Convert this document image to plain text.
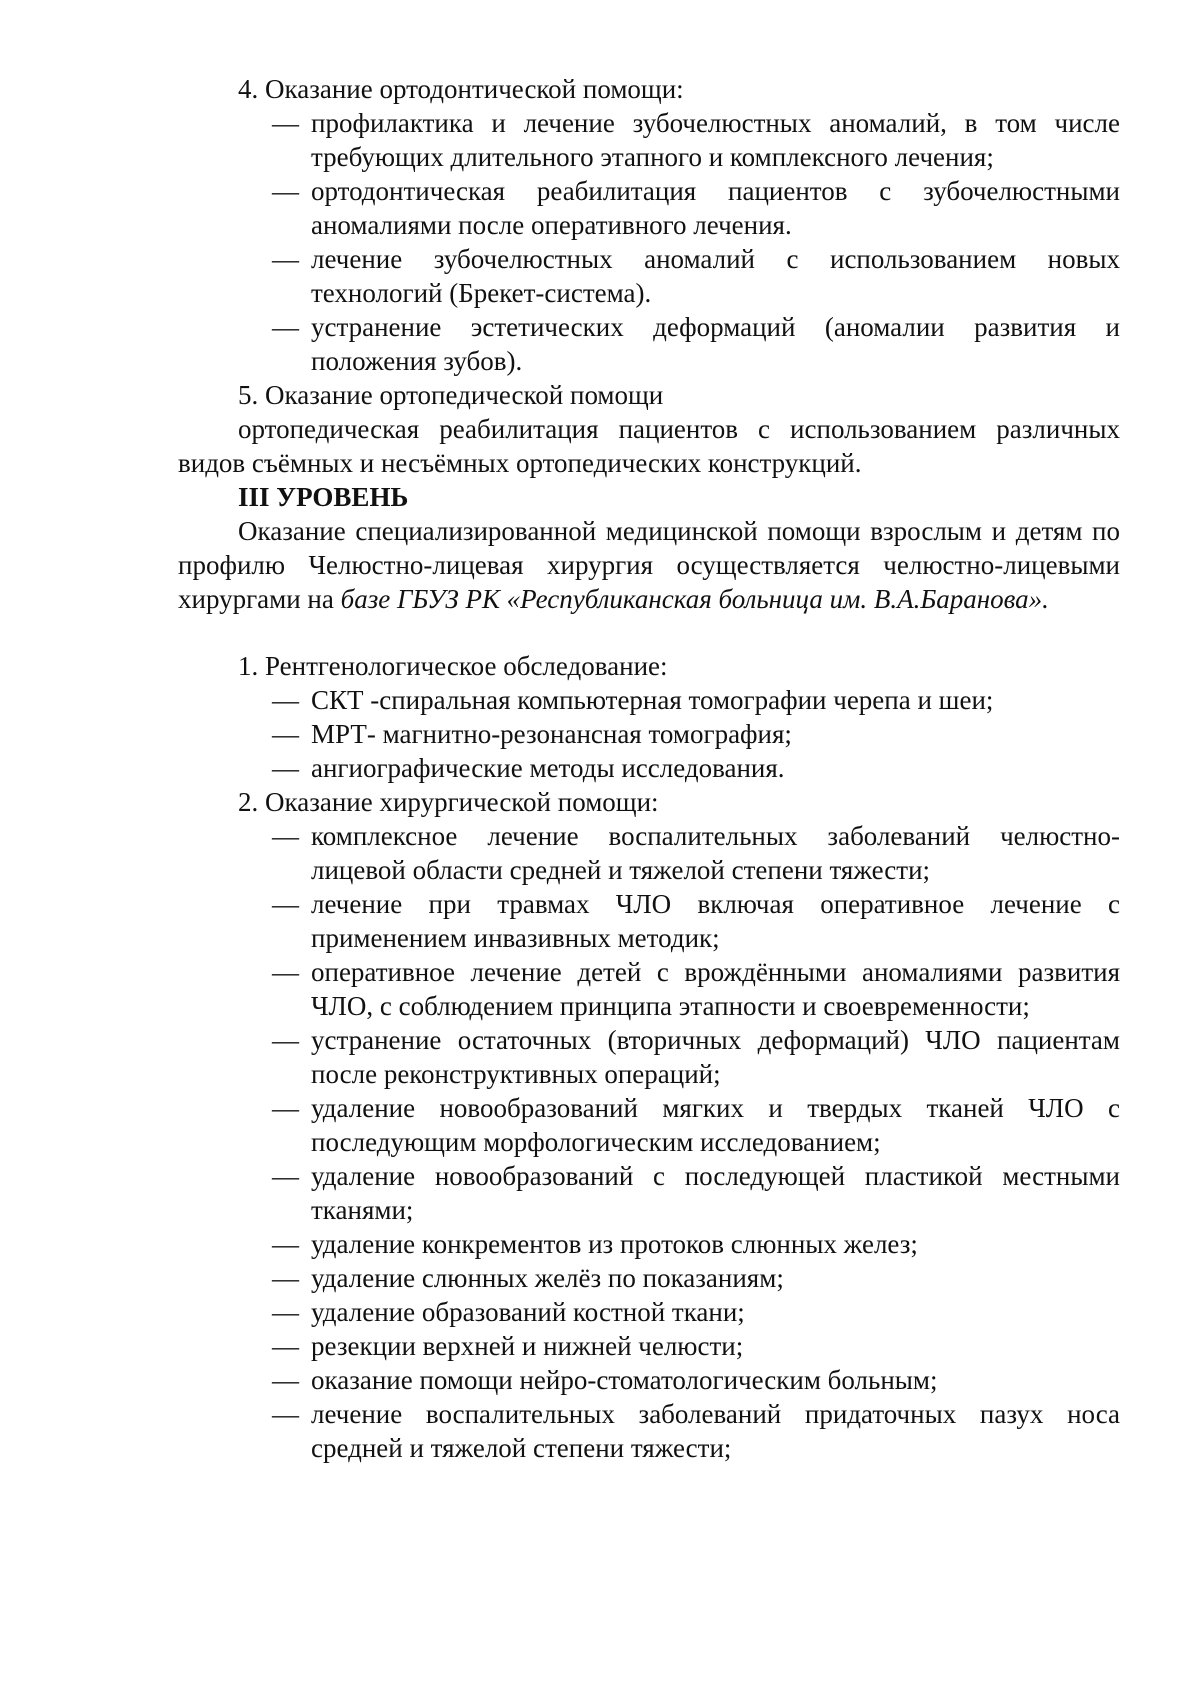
4. Оказание ортодонтической помощи:

— профилактика и лечение зубочелюстных аномалий, в том числе требующих длительного этапного и комплексного лечения;
— ортодонтическая реабилитация пациентов с зубочелюстными аномалиями после оперативного лечения.
— лечение зубочелюстных аномалий с использованием новых технологий (Брекет-система).
— устранение эстетических деформаций (аномалии развития и положения зубов).

5. Оказание ортопедической помощи

ортопедическая реабилитация пациентов с использованием различных видов съёмных и несъёмных ортопедических конструкций.

III УРОВЕНЬ

Оказание специализированной медицинской помощи взрослым и детям по профилю Челюстно-лицевая хирургия осуществляется челюстно-лицевыми хирургами на базе ГБУЗ РК «Республиканская больница им. В.А.Баранова».

1. Рентгенологическое обследование:

— СКТ -спиральная компьютерная томографии черепа и шеи;
— МРТ- магнитно-резонансная томография;
— ангиографические методы исследования.

2. Оказание хирургической помощи:

— комплексное лечение воспалительных заболеваний челюстно-лицевой области средней и тяжелой степени тяжести;
— лечение при травмах ЧЛО включая оперативное лечение с применением инвазивных методик;
— оперативное лечение детей с врождёнными аномалиями развития ЧЛО, с соблюдением принципа этапности и своевременности;
— устранение остаточных (вторичных деформаций) ЧЛО пациентам после реконструктивных операций;
— удаление новообразований мягких и твердых тканей ЧЛО с последующим морфологическим исследованием;
— удаление новообразований с последующей пластикой местными тканями;
— удаление конкрементов из протоков слюнных желез;
— удаление слюнных желёз по показаниям;
— удаление образований костной ткани;
— резекции верхней и нижней челюсти;
— оказание помощи нейро-стоматологическим больным;
— лечение воспалительных заболеваний придаточных пазух носа средней и тяжелой степени тяжести;
